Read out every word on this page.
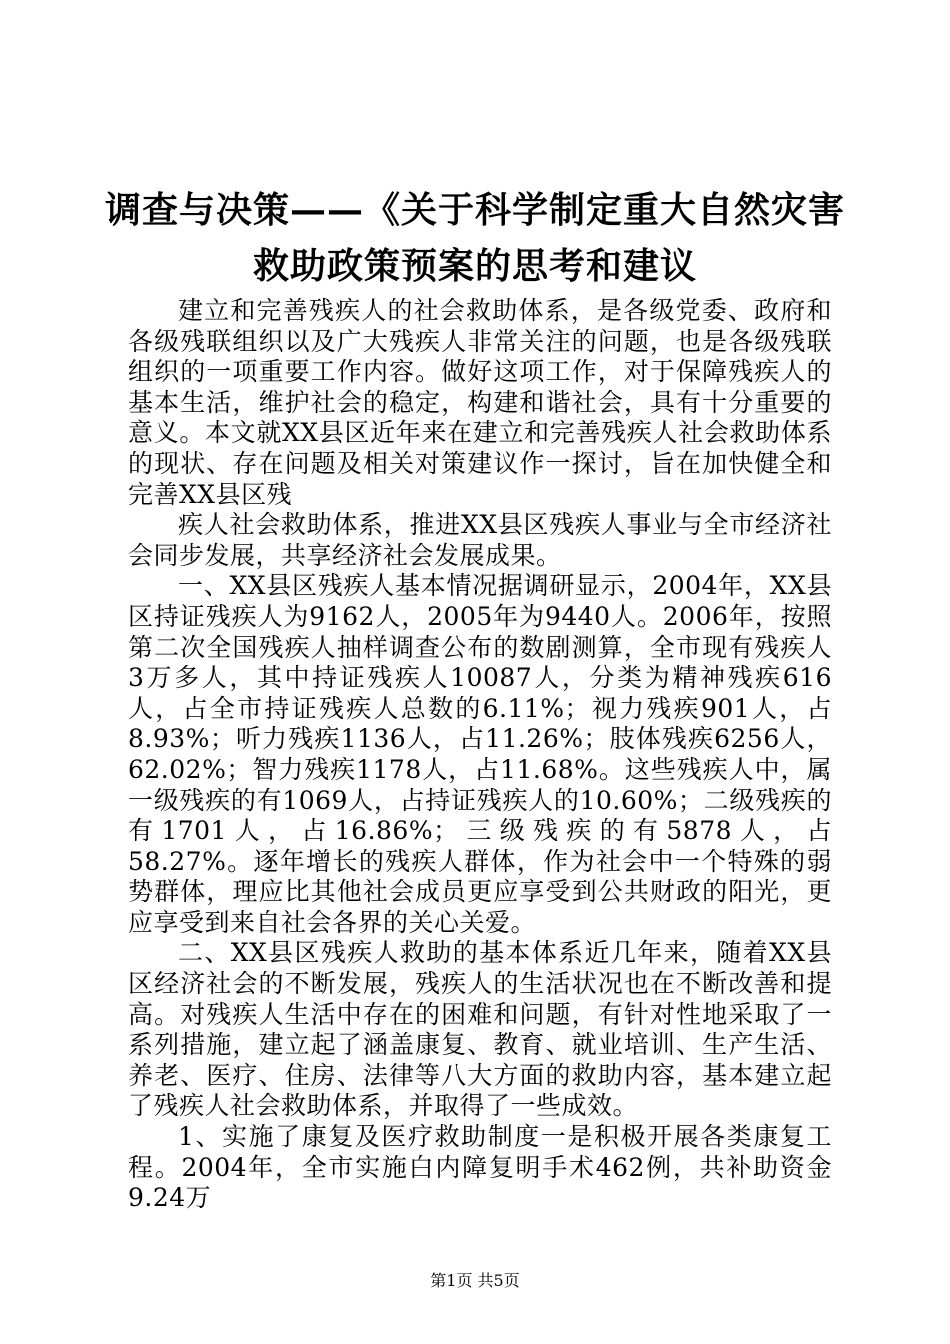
调查与决策——《关于科学制定重大自然灾害
救助政策预案的思考和建议

建立和完善残疾人的社会救助体系，是各级党委、政府和各级残联组织以及广大残疾人非常关注的问题，也是各级残联组织的一项重要工作内容。做好这项工作，对于保障残疾人的基本生活，维护社会的稳定，构建和谐社会，具有十分重要的意义。本文就XX县区近年来在建立和完善残疾人社会救助体系的现状、存在问题及相关对策建议作一探讨，旨在加快健全和完善XX县区残

疾人社会救助体系，推进XX县区残疾人事业与全市经济社会同步发展，共享经济社会发展成果。

一、XX县区残疾人基本情况据调研显示，2004年，XX县区持证残疾人为9162人，2005年为9440人。2006年，按照第二次全国残疾人抽样调查公布的数剧测算，全市现有残疾人3万多人，其中持证残疾人10087人，分类为精神残疾616人，占全市持证残疾人总数的6.11%；视力残疾901人，占8.93%；听力残疾1136人，占11.26%；肢体残疾6256人，62.02%；智力残疾1178人，占11.68%。这些残疾人中，属一级残疾的有1069人，占持证残疾人的10.60%；二级残疾的有1701人，占16.86%；三级残疾的有5878人，占58.27%。逐年增长的残疾人群体，作为社会中一个特殊的弱势群体，理应比其他社会成员更应享受到公共财政的阳光，更应享受到来自社会各界的关心关爱。

二、XX县区残疾人救助的基本体系近几年来，随着XX县区经济社会的不断发展，残疾人的生活状况也在不断改善和提高。对残疾人生活中存在的困难和问题，有针对性地采取了一系列措施，建立起了涵盖康复、教育、就业培训、生产生活、养老、医疗、住房、法律等八大方面的救助内容，基本建立起了残疾人社会救助体系，并取得了一些成效。

1、实施了康复及医疗救助制度一是积极开展各类康复工程。2004年，全市实施白内障复明手术462例，共补助资金9.24万

第1页 共5页
